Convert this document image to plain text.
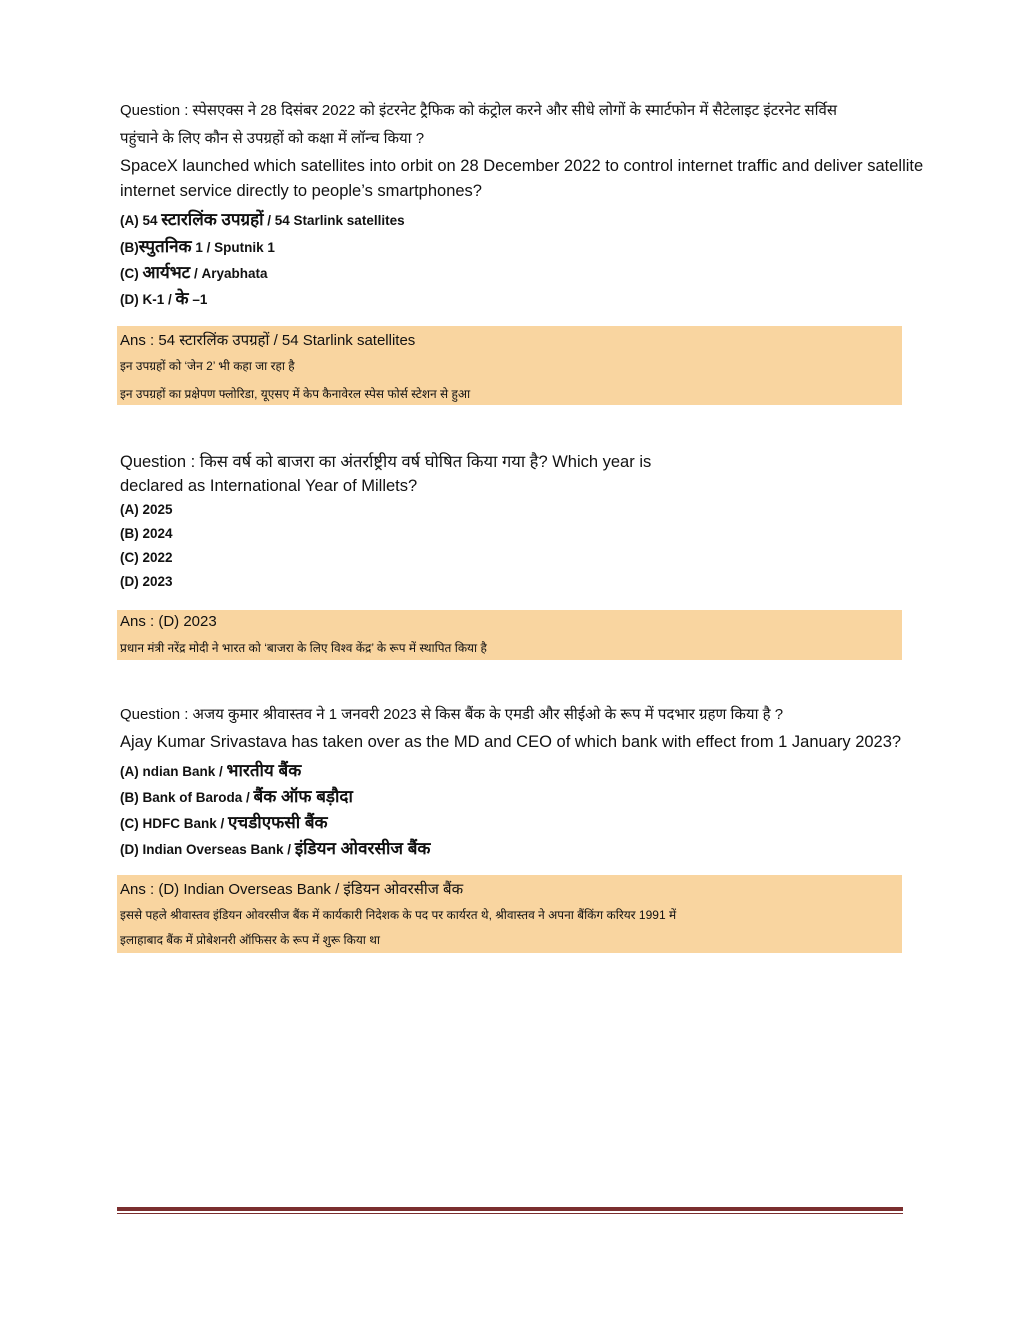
Question : स्पेसएक्स ने 28 दिसंबर 2022 को इंटरनेट ट्रैफिक को कंट्रोल करने और सीधे लोगों के स्मार्टफोन में सैटेलाइट इंटरनेट सर्विस
पहुंचाने के लिए कौन से उपग्रहों को कक्षा में लॉन्च किया ?
SpaceX launched which satellites into orbit on 28 December 2022 to control internet traffic and deliver satellite
internet service directly to people’s smartphones?
(A) 54 स्टारलिंक उपग्रहों / 54 Starlink satellites
(B)स्पुतनिक 1 / Sputnik 1
(C) आर्यभट / Aryabhata
(D) K-1 / के –1
Ans : 54 स्टारलिंक उपग्रहों / 54 Starlink satellites
इन उपग्रहों को ‘जेन 2’ भी कहा जा रहा है
इन उपग्रहों का प्रक्षेपण फ्लोरिडा, यूएसए में केप कैनावेरल स्पेस फोर्स स्टेशन से हुआ
Question : किस वर्ष को बाजरा का अंतर्राष्ट्रीय वर्ष घोषित किया गया है? Which year is
declared as International Year of Millets?
(A) 2025
(B) 2024
(C) 2022
(D) 2023
Ans : (D) 2023
प्रधान मंत्री नरेंद्र मोदी ने भारत को ‘बाजरा के लिए विश्व केंद्र’ के रूप में स्थापित किया है
Question : अजय कुमार श्रीवास्तव ने 1 जनवरी 2023 से किस बैंक के एमडी और सीईओ के रूप में पदभार ग्रहण किया है ?
Ajay Kumar Srivastava has taken over as the MD and CEO of which bank with effect from 1 January 2023?
(A) ndian Bank / भारतीय बैंक
(B) Bank of Baroda / बैंक ऑफ बड़ौदा
(C) HDFC Bank / एचडीएफसी बैंक
(D) Indian Overseas Bank / इंडियन ओवरसीज बैंक
Ans : (D) Indian Overseas Bank / इंडियन ओवरसीज बैंक
इससे पहले श्रीवास्तव इंडियन ओवरसीज बैंक में कार्यकारी निदेशक के पद पर कार्यरत थे, श्रीवास्तव ने अपना बैंकिंग करियर 1991 में
इलाहाबाद बैंक में प्रोबेशनरी ऑफिसर के रूप में शुरू किया था
